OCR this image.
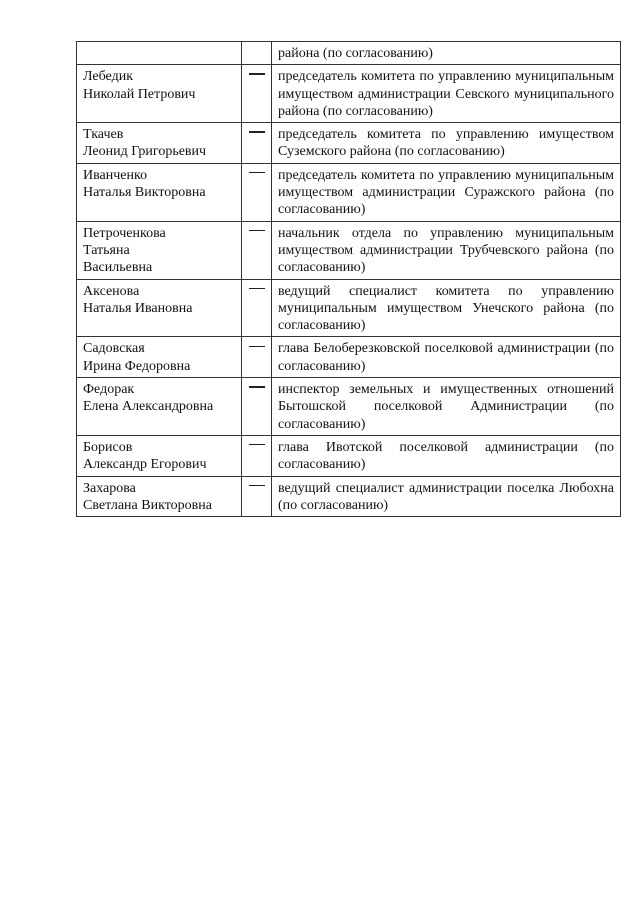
		района (по согласованию)

Лебедик
Николай Петрович		председатель комитета по управлению муниципальным имуществом администрации Севского муниципального района (по согласованию)

Ткачев
Леонид Григорьевич		председатель комитета по управлению имуществом Суземского района (по согласованию)

Иванченко
Наталья Викторовна		председатель комитета по управлению муниципальным имуществом администрации Суражского района (по согласованию)

Петроченкова
Татьяна
Васильевна		начальник отдела по управлению муниципальным имуществом администрации Трубчевского района (по согласованию)

Аксенова
Наталья Ивановна		ведущий специалист комитета по управлению муниципальным имуществом Унечского района (по согласованию)

Садовская
Ирина Федоровна		глава Белоберезковской поселковой администрации (по согласованию)

Федорак
Елена Александровна		инспектор земельных и имущественных отношений Бытошской поселковой Администрации (по согласованию)

Борисов
Александр Егорович		глава Ивотской поселковой администрации (по согласованию)

Захарова
Светлана Викторовна		ведущий специалист администрации поселка Любохна (по согласованию)
